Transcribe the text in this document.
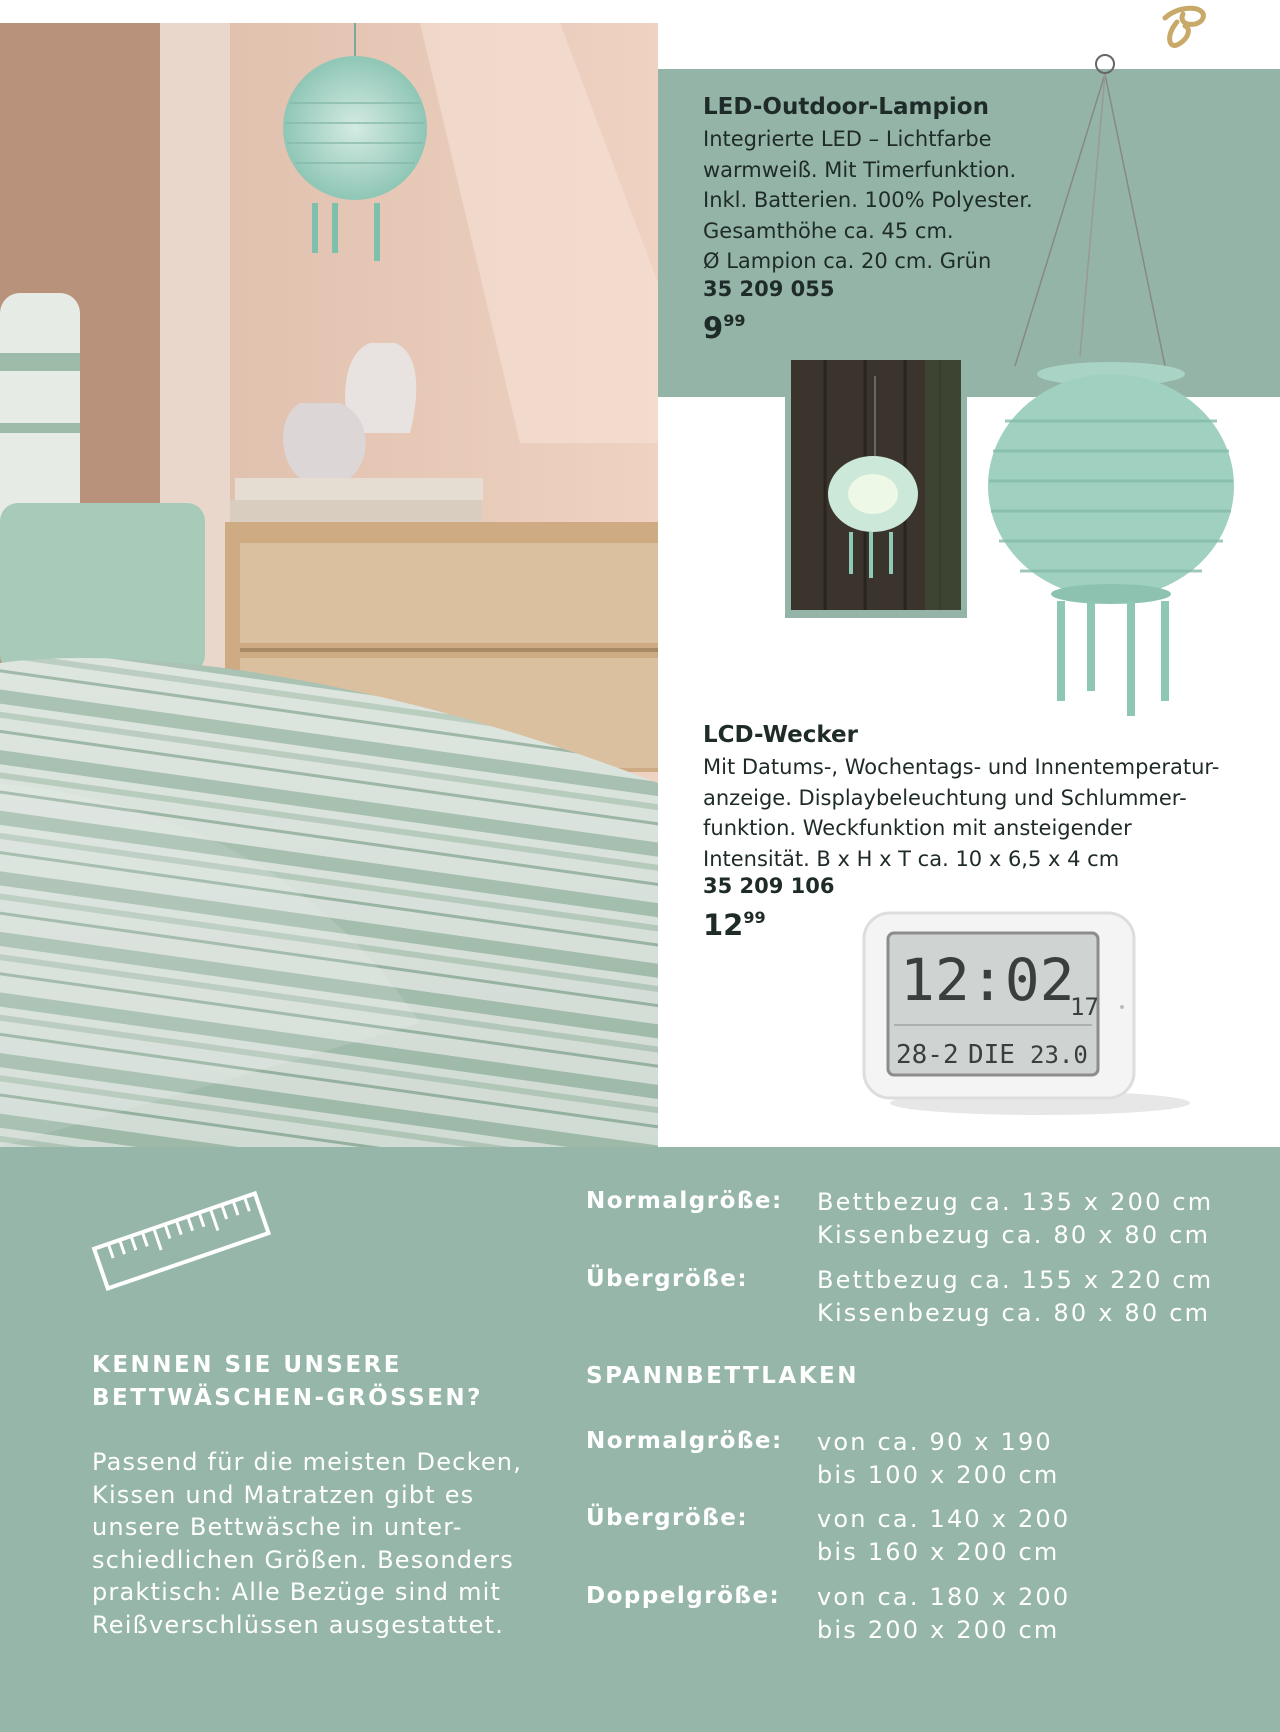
LED-Outdoor-Lampion
Integrierte LED – Lichtfarbe
warmweiß. Mit Timerfunktion.
Inkl. Batterien. 100% Polyester.
Gesamthöhe ca. 45 cm.
Ø Lampion ca. 20 cm. Grün
35 209 055
$9^{99}$
LCD-Wecker
Mit Datums-, Wochentags- und Innentemperatur-
anzeige. Displaybeleuchtung und Schlummer-
funktion. Weckfunktion mit ansteigender
Intensität. B x H x T ca. 10 x 6,5 x 4 cm
35 209 106
$12^{99}$
12:02
17
28-2 DIE 23.0
KENNEN SIE UNSERE
BETTWÄSCHEN-GRÖSSEN?
Passend für die meisten Decken,
Kissen und Matratzen gibt es
unsere Bettwäsche in unter-
schiedlichen Größen. Besonders
praktisch: Alle Bezüge sind mit
Reißverschlüssen ausgestattet.
Normalgröße: Bettbezug ca. 135 x 200 cm
Kissenbezug ca. 80 x 80 cm
Übergröße:	Bettbezug ca. 155 x 220 cm
Kissenbezug ca. 80 x 80 cm
SPANNBETTLAKEN
Normalgröße: von ca. 90 x 190
bis 100 x 200 cm
Übergröße:	von ca. 140 x 200
bis 160 x 200 cm
Doppelgröße: von ca. 180 x 200
bis 200 x 200 cm
